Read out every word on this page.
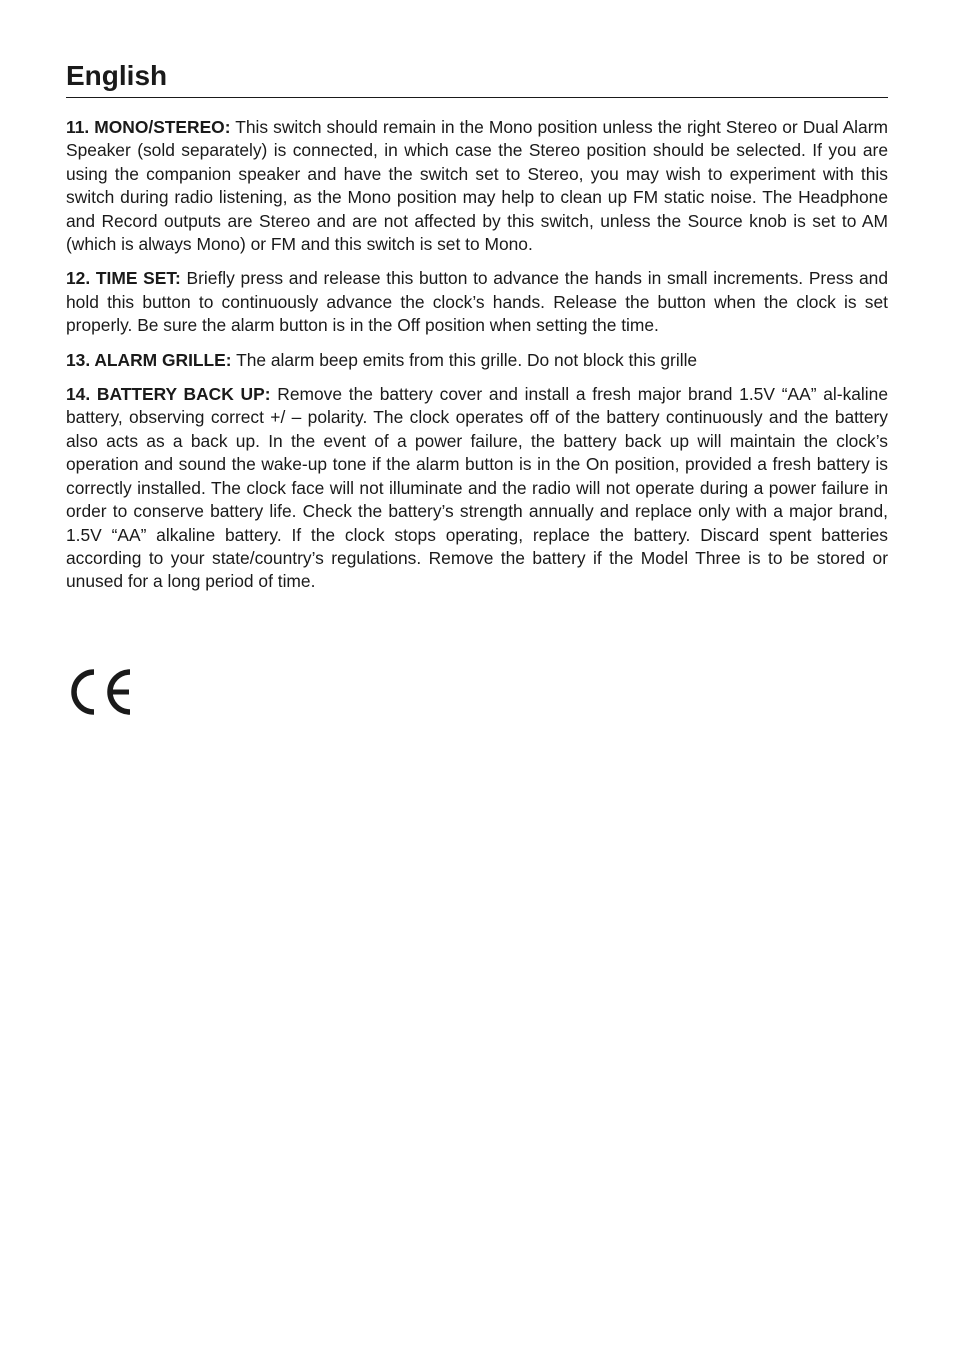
English

11. MONO/STEREO: This switch should remain in the Mono position unless the right Stereo or Dual Alarm Speaker (sold separately) is connected, in which case the Stereo position should be selected. If you are using the companion speaker and have the switch set to Stereo, you may wish to experiment with this switch during radio listening, as the Mono position may help to clean up FM static noise. The Headphone and Record outputs are Stereo and are not affected by this switch, unless the Source knob is set to AM (which is always Mono) or FM and this switch is set to Mono.

12. TIME SET: Briefly press and release this button to advance the hands in small increments. Press and hold this button to continuously advance the clock’s hands. Release the button when the clock is set properly. Be sure the alarm button is in the Off position when setting the time.

13. ALARM GRILLE: The alarm beep emits from this grille. Do not block this grille

14. BATTERY BACK UP: Remove the battery cover and install a fresh major brand 1.5V “AA” al-kaline battery, observing correct +/ – polarity. The clock operates off of the battery continuously and the battery also acts as a back up. In the event of a power failure, the battery back up will maintain the clock’s operation and sound the wake-up tone if the alarm button is in the On position, provided a fresh battery is correctly installed. The clock face will not illuminate and the radio will not operate during a power failure in order to conserve battery life. Check the battery’s strength annually and replace only with a major brand, 1.5V “AA” alkaline battery. If the clock stops operating, replace the battery. Discard spent batteries according to your state/country’s regulations. Remove the battery if the Model Three is to be stored or unused for a long period of time.
